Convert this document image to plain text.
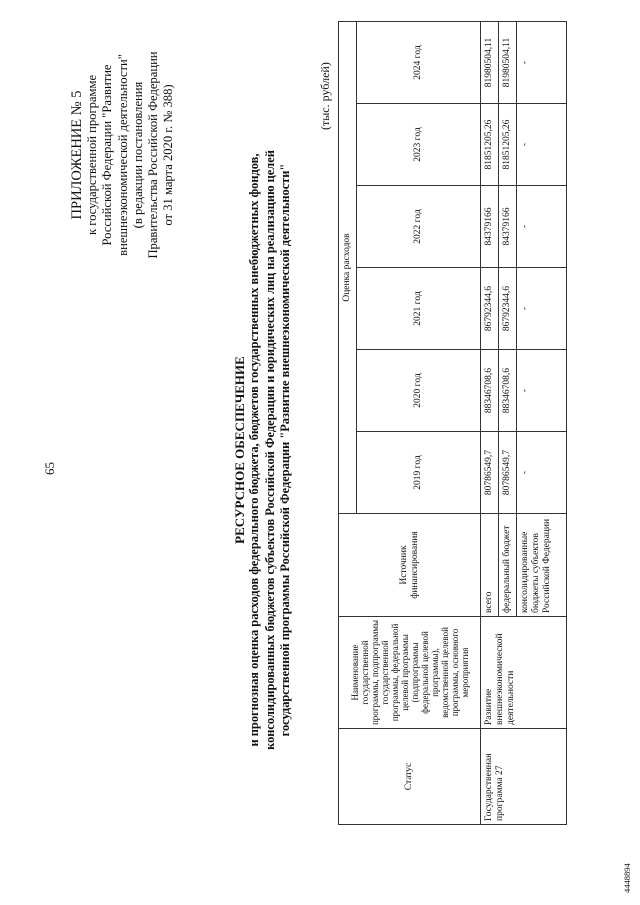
65
ПРИЛОЖЕНИЕ № 5 к государственной программе Российской Федерации "Развитие внешнеэкономической деятельности" (в редакции постановления Правительства Российской Федерации от 31 марта 2020 г. № 388)
РЕСУРСНОЕ ОБЕСПЕЧЕНИЕ и прогнозная оценка расходов федерального бюджета, бюджетов государственных внебюджетных фондов, консолидированных бюджетов субъектов Российской Федерации и юридических лиц на реализацию целей государственной программы Российской Федерации "Развитие внешнеэкономической деятельности"
(тыс. рублей)
Статус	Наименование государственной программы, подпрограммы государственной программы, федеральной целевой программы (подпрограммы федеральной целевой программы), ведомственной целевой программы, основного мероприятия	Источник финансирования	Оценка расходов					
			2019 год	2020 год	2021 год	2022 год	2023 год	2024 год
Государственная программа 27	Развитие внешнеэкономической деятельности	всего	80786549,7	88346708,6	86792344,6	84379166	81851205,26	81980504,11
		федеральный бюджет	80786549,7	88346708,6	86792344,6	84379166	81851205,26	81980504,11
		консолидированные бюджеты субъектов Российской Федерации	-	-	-	-	-	-
4448894
